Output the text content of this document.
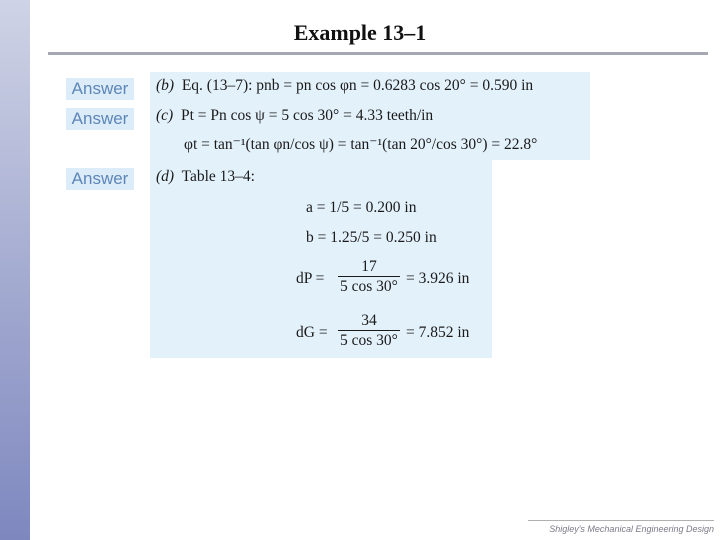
Example 13–1
Answer
Answer
Answer
(b) Eq. (13–7): pnb = pn cos φn = 0.6283 cos 20° = 0.590 in
(c) Pt = Pn cos ψ = 5 cos 30° = 4.33 teeth/in
φt = tan⁻¹(tan φn/cos ψ) = tan⁻¹(tan 20°/cos 30°) = 22.8°
(d) Table 13–4:
a = 1/5 = 0.200 in
b = 1.25/5 = 0.250 in
dP =
17
5 cos 30° = 3.926 in
dG =
34
5 cos 30° = 7.852 in
Shigley's Mechanical Engineering Design
